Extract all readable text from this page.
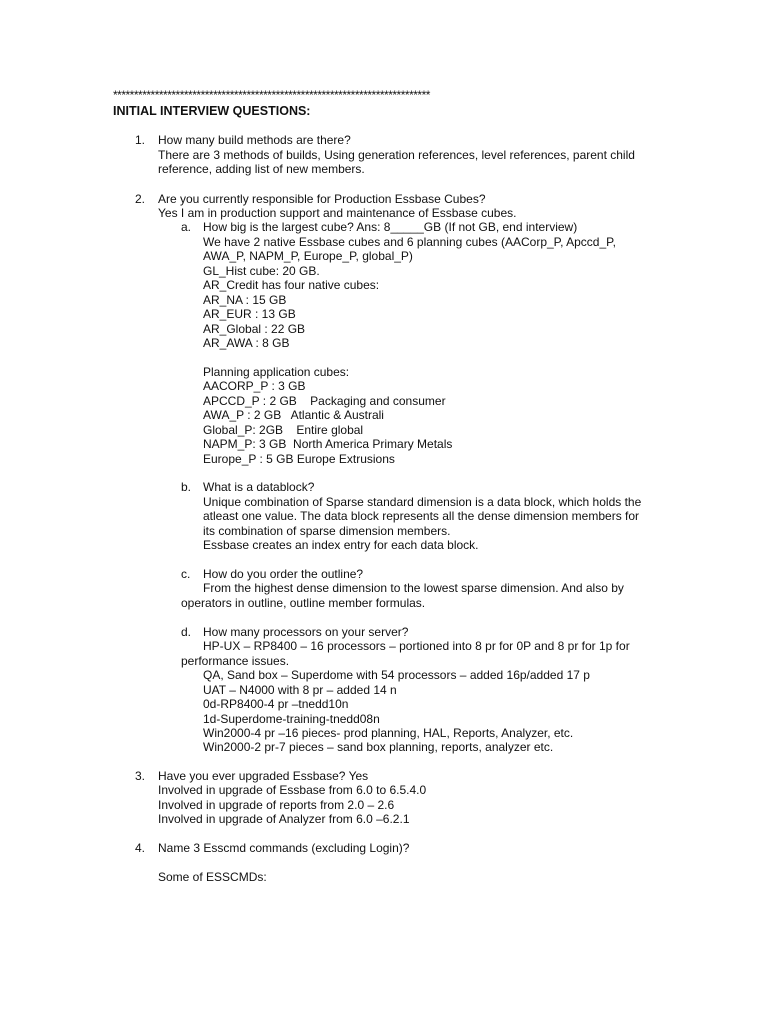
****************************************************************************
INITIAL INTERVIEW QUESTIONS:
1. How many build methods are there?
There are 3 methods of builds, Using generation references, level references, parent child
reference, adding list of new members.
2. Are you currently responsible for Production Essbase Cubes?
Yes I am in production support and maintenance of Essbase cubes.
a. How big is the largest cube? Ans: 8_____GB (If not GB, end interview)
We have 2 native Essbase cubes and 6 planning cubes (AACorp_P, Apccd_P,
AWA_P, NAPM_P, Europe_P, global_P)
GL_Hist cube: 20 GB.
AR_Credit has four native cubes:
AR_NA : 15 GB
AR_EUR : 13 GB
AR_Global : 22 GB
AR_AWA : 8 GB
Planning application cubes:
AACORP_P : 3 GB
APCCD_P : 2 GB    Packaging and consumer
AWA_P : 2 GB   Atlantic & Australi
Global_P: 2GB    Entire global
NAPM_P: 3 GB  North America Primary Metals
Europe_P : 5 GB Europe Extrusions
b. What is a datablock?
Unique combination of Sparse standard dimension is a data block, which holds the
atleast one value. The data block represents all the dense dimension members for
its combination of sparse dimension members.
Essbase creates an index entry for each data block.
c. How do you order the outline?
From the highest dense dimension to the lowest sparse dimension. And also by
operators in outline, outline member formulas.
d. How many processors on your server?
HP-UX – RP8400 – 16 processors – portioned into 8 pr for 0P and 8 pr for 1p for
performance issues.
QA, Sand box – Superdome with 54 processors – added 16p/added 17 p
UAT – N4000 with 8 pr – added 14 n
0d-RP8400-4 pr –tnedd10n
1d-Superdome-training-tnedd08n
Win2000-4 pr –16 pieces- prod planning, HAL, Reports, Analyzer, etc.
Win2000-2 pr-7 pieces – sand box planning, reports, analyzer etc.
3. Have you ever upgraded Essbase? Yes
Involved in upgrade of Essbase from 6.0 to 6.5.4.0
Involved in upgrade of reports from 2.0 – 2.6
Involved in upgrade of Analyzer from 6.0 –6.2.1
4. Name 3 Esscmd commands (excluding Login)?
Some of ESSCMDs:
